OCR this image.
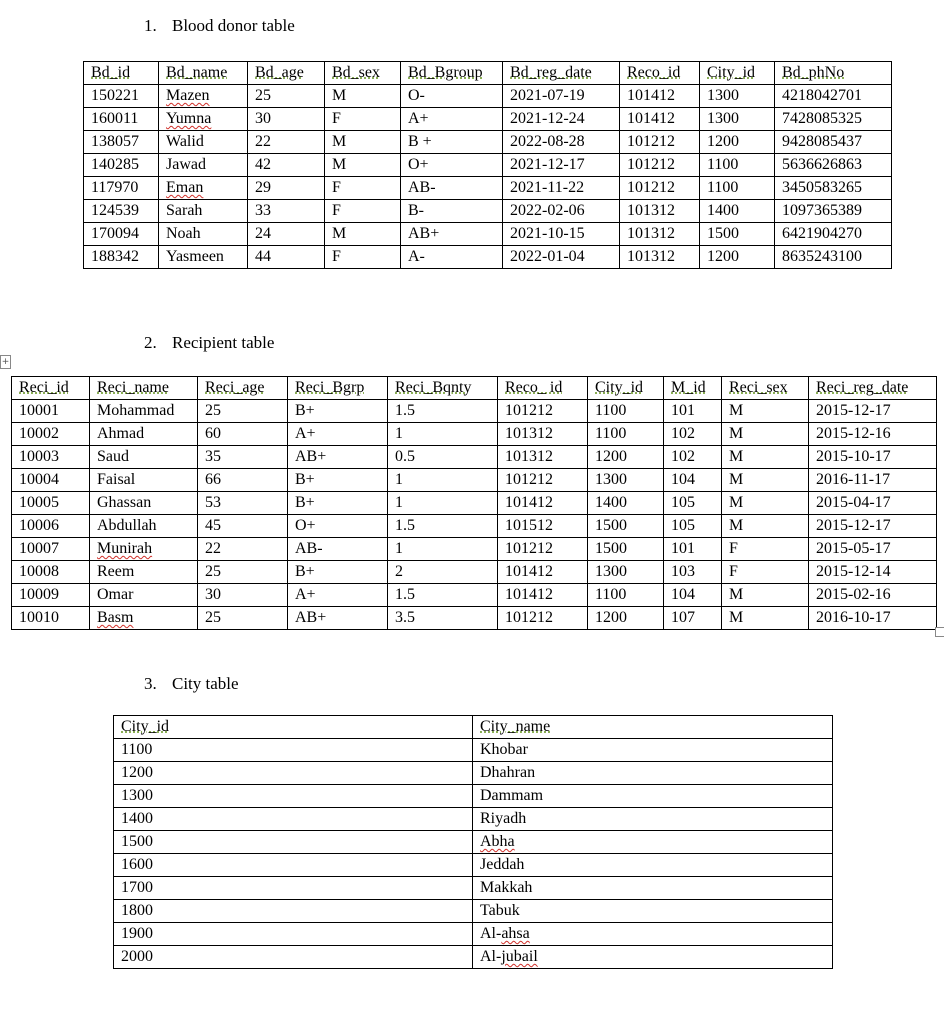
1. Blood donor table
Bd_id	Bd_name	Bd_age	Bd_sex	Bd_Bgroup	Bd_reg_date	Reco_id	City_id	Bd_phNo
150221	Mazen	25	M	O-	2021-07-19	101412	1300	4218042701
160011	Yumna	30	F	A+	2021-12-24	101412	1300	7428085325
138057	Walid	22	M	B +	2022-08-28	101212	1200	9428085437
140285	Jawad	42	M	O+	2021-12-17	101212	1100	5636626863
117970	Eman	29	F	AB-	2021-11-22	101212	1100	3450583265
124539	Sarah	33	F	B-	2022-02-06	101312	1400	1097365389
170094	Noah	24	M	AB+	2021-10-15	101312	1500	6421904270
188342	Yasmeen	44	F	A-	2022-01-04	101312	1200	8635243100
+
2. Recipient table
Reci_id	Reci_name	Reci_age	Reci_Bgrp	Reci_Bqnty	Reco_ id	City_id	M_id	Reci_sex	Reci_reg_date
10001	Mohammad	25	B+	1.5	101212	1100	101	M	2015-12-17
10002	Ahmad	60	A+	1	101312	1100	102	M	2015-12-16
10003	Saud	35	AB+	0.5	101312	1200	102	M	2015-10-17
10004	Faisal	66	B+	1	101212	1300	104	M	2016-11-17
10005	Ghassan	53	B+	1	101412	1400	105	M	2015-04-17
10006	Abdullah	45	O+	1.5	101512	1500	105	M	2015-12-17
10007	Munirah	22	AB-	1	101212	1500	101	F	2015-05-17
10008	Reem	25	B+	2	101412	1300	103	F	2015-12-14
10009	Omar	30	A+	1.5	101412	1100	104	M	2015-02-16
10010	Basm	25	AB+	3.5	101212	1200	107	M	2016-10-17
3. City table
City_id	City_name
1100	Khobar
1200	Dhahran
1300	Dammam
1400	Riyadh
1500	Abha
1600	Jeddah
1700	Makkah
1800	Tabuk
1900	Al-ahsa
2000	Al-jubail
